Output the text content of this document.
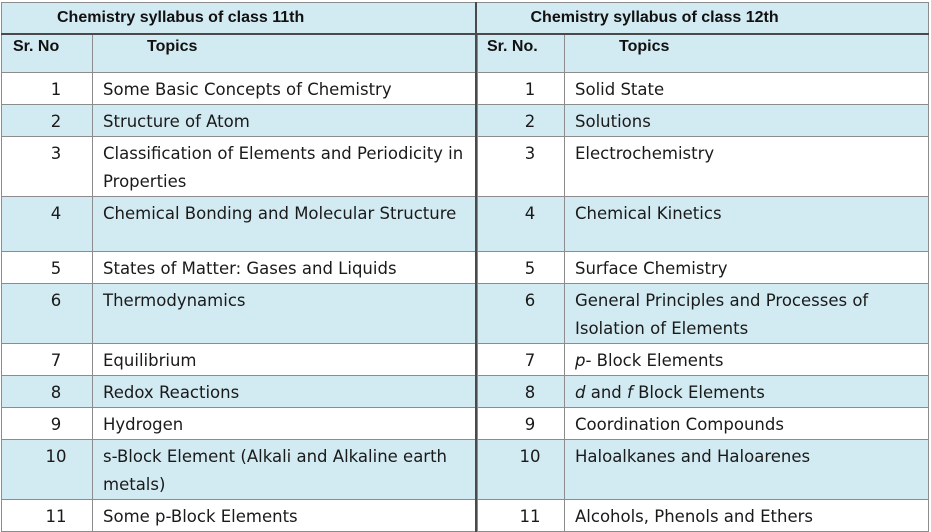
Chemistry syllabus of class 11th		Chemistry syllabus of class 12th		
Sr. No	Topics		Sr. No.	Topics
1	Some Basic Concepts of Chemistry		1	Solid State
2	Structure of Atom		2	Solutions
3	Classification of Elements and Periodicity in Properties		3	Electrochemistry
4	Chemical Bonding and Molecular Structure		4	Chemical Kinetics
5	States of Matter: Gases and Liquids		5	Surface Chemistry
6	Thermodynamics		6	General Principles and Processes of Isolation of Elements
7	Equilibrium		7	p- Block Elements
8	Redox Reactions		8	d and f Block Elements
9	Hydrogen		9	Coordination Compounds
10	s-Block Element (Alkali and Alkaline earth metals)		10	Haloalkanes and Haloarenes
11	Some p-Block Elements		11	Alcohols, Phenols and Ethers
